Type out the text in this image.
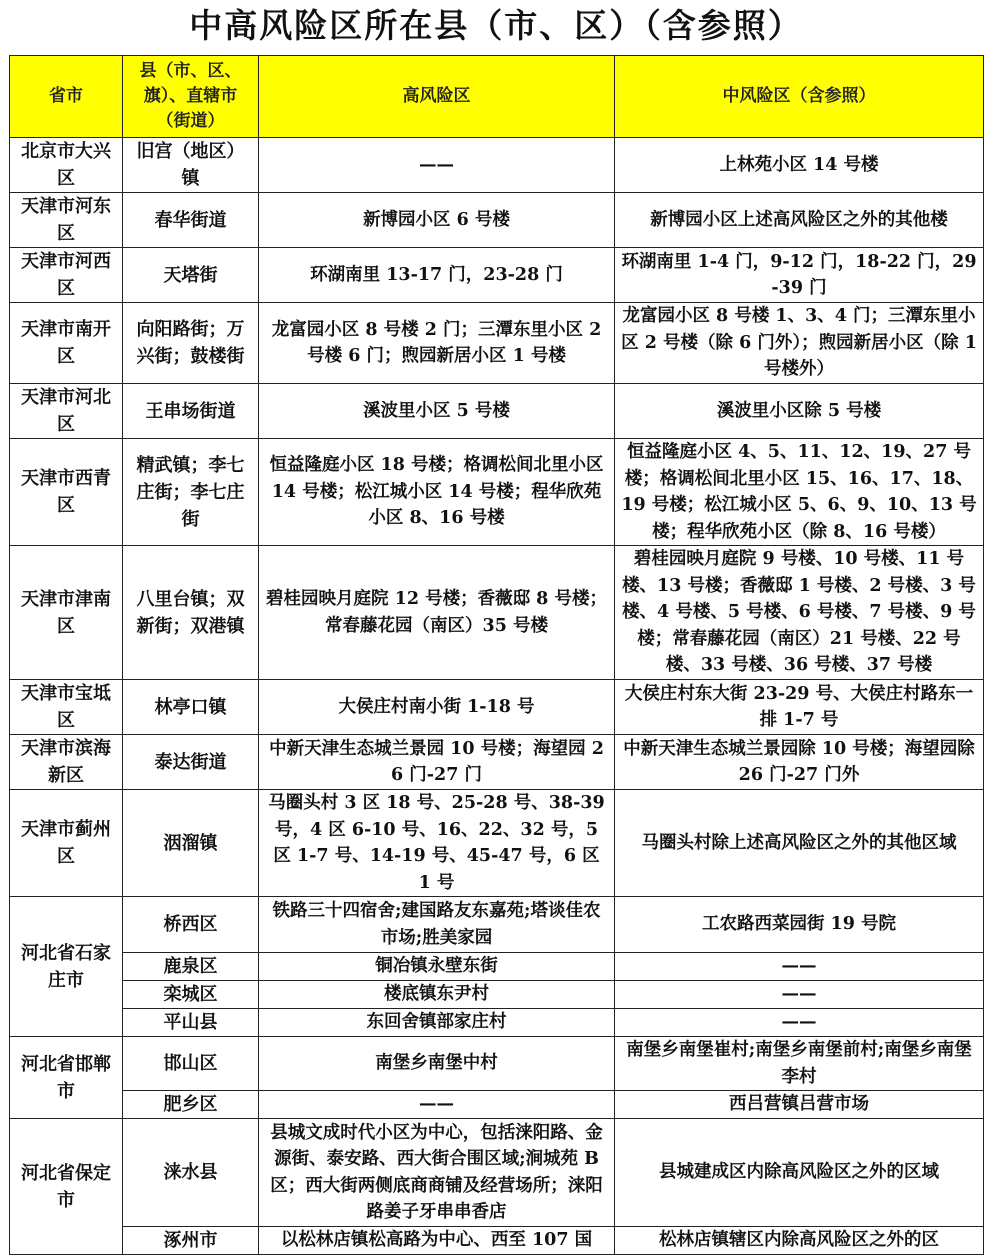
中高风险区所在县（市、区）（含参照）
省市	县（市、区、旗）、直辖市（街道）	高风险区	中风险区（含参照）
北京市大兴区	旧宫（地区）镇	——	上林苑小区 14 号楼
天津市河东区	春华街道	新博园小区 6 号楼	新博园小区上述高风险区之外的其他楼
天津市河西区	天塔街	环湖南里 13-17 门，23-28 门	环湖南里 1-4 门，9-12 门，18-22 门，29-39 门
天津市南开区	向阳路街；万兴街；鼓楼街	龙富园小区 8 号楼 2 门；三潭东里小区 2 号楼 6 门；煦园新居小区 1 号楼	龙富园小区 8 号楼 1、3、4 门；三潭东里小区 2 号楼（除 6 门外）；煦园新居小区（除 1 号楼外）
天津市河北区	王串场街道	溪波里小区 5 号楼	溪波里小区除 5 号楼
天津市西青区	精武镇；李七庄街；李七庄街	恒益隆庭小区 18 号楼；格调松间北里小区 14 号楼；松江城小区 14 号楼；程华欣苑小区 8、16 号楼	恒益隆庭小区 4、5、11、12、19、27 号楼；格调松间北里小区 15、16、17、18、19 号楼；松江城小区 5、6、9、10、13 号楼；程华欣苑小区（除 8、16 号楼）
天津市津南区	八里台镇；双新街；双港镇	碧桂园映月庭院 12 号楼；香薇邸 8 号楼；常春藤花园（南区）35 号楼	碧桂园映月庭院 9 号楼、10 号楼、11 号楼、13 号楼；香薇邸 1 号楼、2 号楼、3 号楼、4 号楼、5 号楼、6 号楼、7 号楼、9 号楼；常春藤花园（南区）21 号楼、22 号楼、33 号楼、36 号楼、37 号楼
天津市宝坻区	林亭口镇	大侯庄村南小街 1-18 号	大侯庄村东大街 23-29 号、大侯庄村路东一排 1-7 号
天津市滨海新区	泰达街道	中新天津生态城兰景园 10 号楼；海望园 26 门-27 门	中新天津生态城兰景园除 10 号楼；海望园除 26 门-27 门外
天津市蓟州区	洇溜镇	马圈头村 3 区 18 号、25-28 号、38-39 号，4 区 6-10 号、16、22、32 号，5 区 1-7 号、14-19 号、45-47 号，6 区 1 号	马圈头村除上述高风险区之外的其他区域
河北省石家庄市	桥西区	铁路三十四宿舍;建国路友东嘉苑;塔谈佳农市场;胜美家园	工农路西菜园街 19 号院
	鹿泉区	铜冶镇永壁东街	——
	栾城区	楼底镇东尹村	——
	平山县	东回舍镇部家庄村	——
河北省邯郸市	邯山区	南堡乡南堡中村	南堡乡南堡崔村;南堡乡南堡前村;南堡乡南堡李村
	肥乡区	——	西吕营镇吕营市场
河北省保定市	涞水县	县城文成时代小区为中心，包括涞阳路、金源街、泰安路、西大街合围区域;涧城苑 B 区；西大街两侧底商商铺及经营场所；涞阳路姜子牙串串香店	县城建成区内除高风险区之外的区域
	涿州市	以松林店镇松高路为中心、西至 107 国	松林店镇辖区内除高风险区之外的区
